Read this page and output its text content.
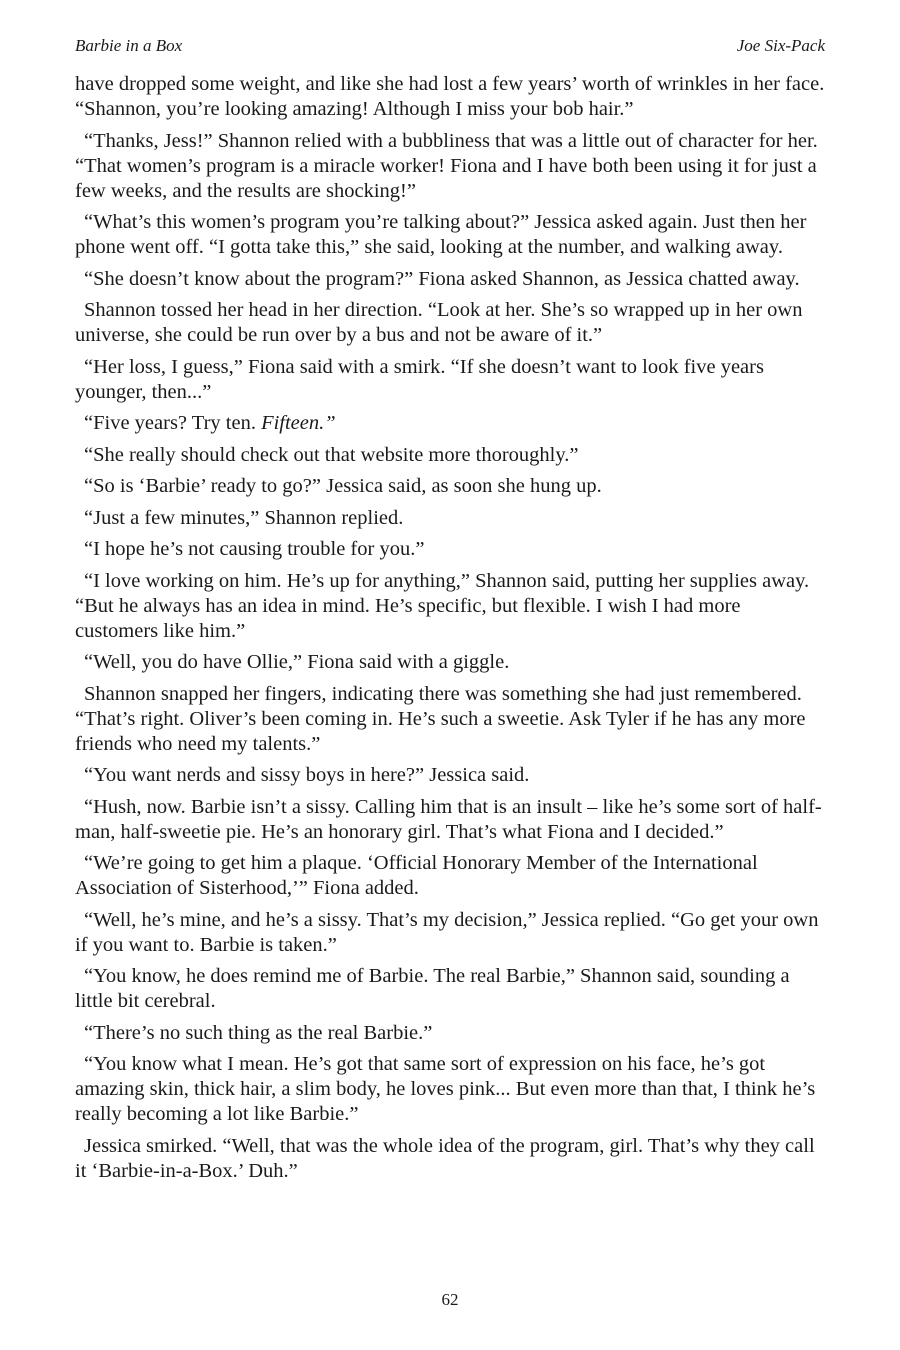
Barbie in a Box	Joe Six-Pack

have dropped some weight, and like she had lost a few years’ worth of wrinkles in her face. “Shannon, you’re looking amazing! Although I miss your bob hair.”

“Thanks, Jess!” Shannon relied with a bubbliness that was a little out of character for her. “That women’s program is a miracle worker! Fiona and I have both been using it for just a few weeks, and the results are shocking!”

“What’s this women’s program you’re talking about?” Jessica asked again. Just then her phone went off. “I gotta take this,” she said, looking at the number, and walking away.

“She doesn’t know about the program?” Fiona asked Shannon, as Jessica chatted away.

Shannon tossed her head in her direction. “Look at her. She’s so wrapped up in her own universe, she could be run over by a bus and not be aware of it.”

“Her loss, I guess,” Fiona said with a smirk. “If she doesn’t want to look five years younger, then...”

“Five years? Try ten. Fifteen.”

“She really should check out that website more thoroughly.”

“So is ‘Barbie’ ready to go?” Jessica said, as soon she hung up.

“Just a few minutes,” Shannon replied.

“I hope he’s not causing trouble for you.”

“I love working on him. He’s up for anything,” Shannon said, putting her supplies away. “But he always has an idea in mind. He’s specific, but flexible. I wish I had more customers like him.”

“Well, you do have Ollie,” Fiona said with a giggle.

Shannon snapped her fingers, indicating there was something she had just remembered. “That’s right. Oliver’s been coming in. He’s such a sweetie. Ask Tyler if he has any more friends who need my talents.”

“You want nerds and sissy boys in here?” Jessica said.

“Hush, now. Barbie isn’t a sissy. Calling him that is an insult – like he’s some sort of half-man, half-sweetie pie. He’s an honorary girl. That’s what Fiona and I decided.”

“We’re going to get him a plaque. ‘Official Honorary Member of the International Association of Sisterhood,’” Fiona added.

“Well, he’s mine, and he’s a sissy. That’s my decision,” Jessica replied. “Go get your own if you want to. Barbie is taken.”

“You know, he does remind me of Barbie. The real Barbie,” Shannon said, sounding a little bit cerebral.

“There’s no such thing as the real Barbie.”

“You know what I mean. He’s got that same sort of expression on his face, he’s got amazing skin, thick hair, a slim body, he loves pink... But even more than that, I think he’s really becoming a lot like Barbie.”

Jessica smirked. “Well, that was the whole idea of the program, girl. That’s why they call it ‘Barbie-in-a-Box.’ Duh.”

62
